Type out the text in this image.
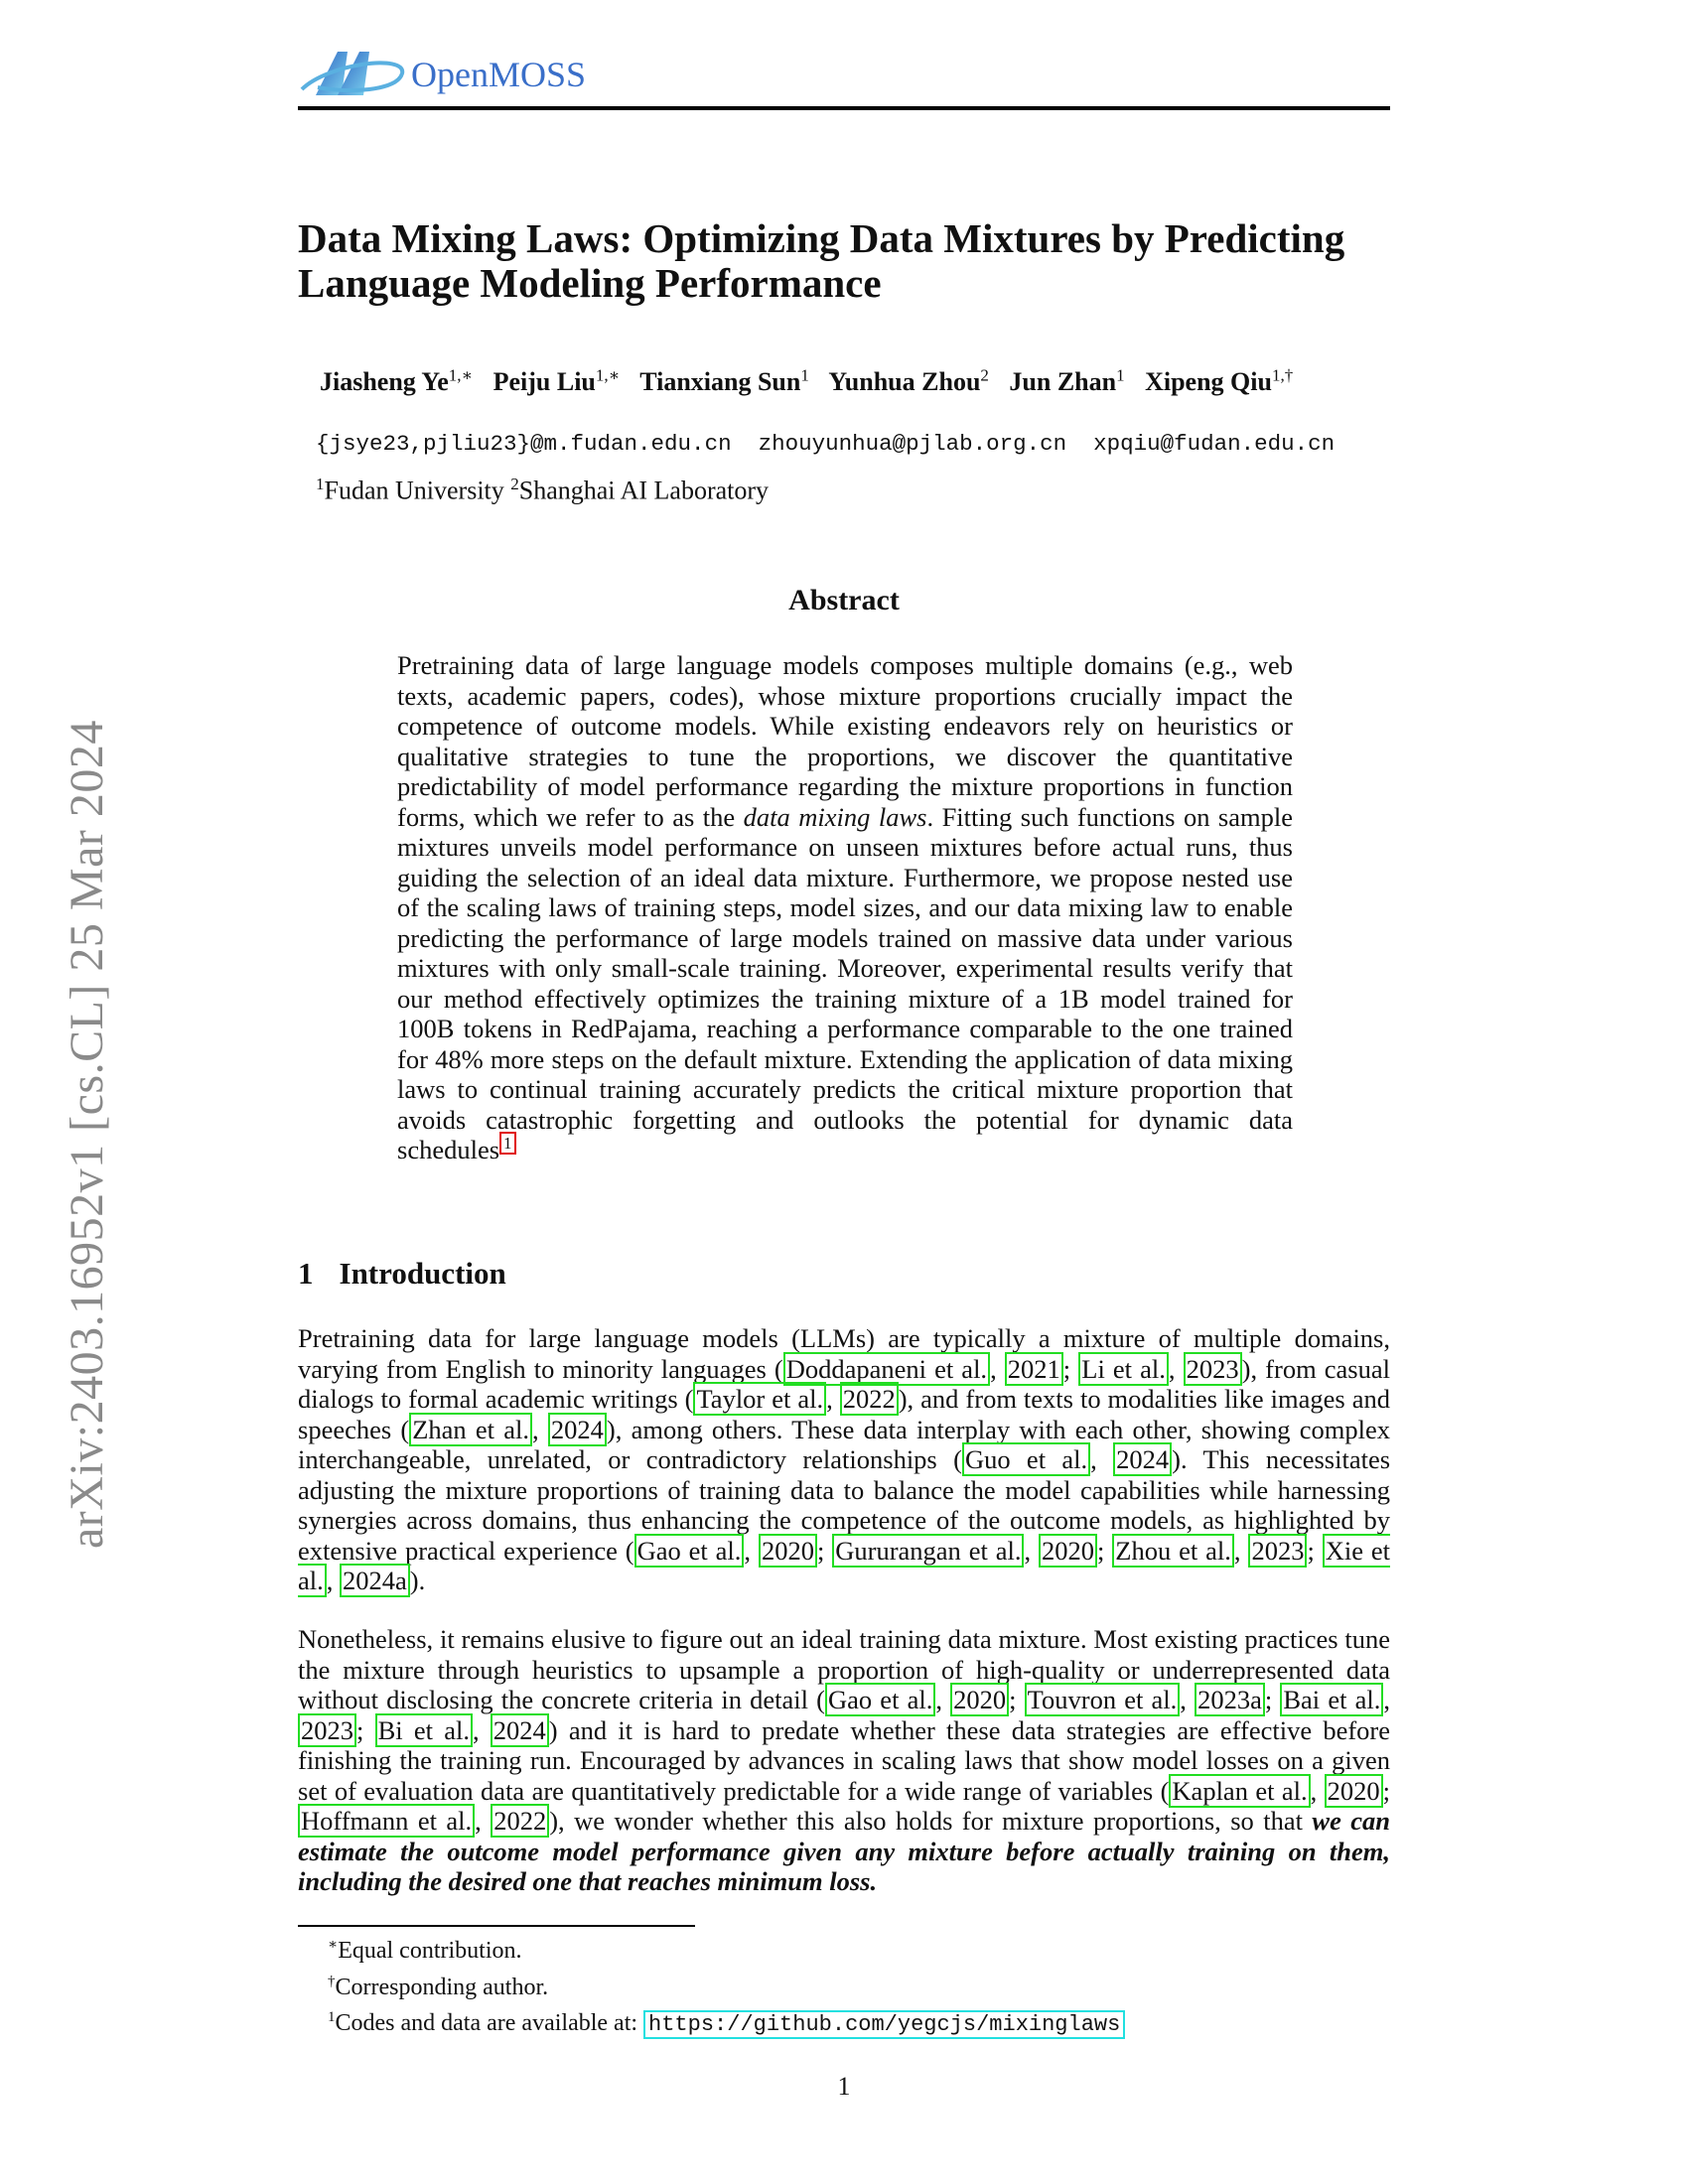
OpenMOSS
arXiv:2403.16952v1 [cs.CL] 25 Mar 2024
Data Mixing Laws: Optimizing Data Mixtures by Predicting
Language Modeling Performance
Jiasheng $Ye^{1,∗}$ Peiju Liu$^{1,∗}$ Tianxiang Sun$^1$ Yunhua Zhou$^2$ Jun Zhan$^1$ Xipeng Qiu$^{1,\dagger}$
{jsye23,pjliu23}@m.fudan.edu.cn  zhouyunhua@pjlab.org.cn  xpqiu@fudan.edu.cn
$^1$Fudan University $^2$Shanghai AI Laboratory
Abstract
Pretraining data of large language models composes multiple domains (e.g., web texts, academic papers, codes), whose mixture proportions crucially impact the competence of outcome models. While existing endeavors rely on heuristics or qualitative strategies to tune the proportions, we discover the quantitative predictability of model performance regarding the mixture proportions in function forms, which we refer to as the data mixing laws. Fitting such functions on sample mixtures unveils model performance on unseen mixtures before actual runs, thus guiding the selection of an ideal data mixture. Furthermore, we propose nested use of the scaling laws of training steps, model sizes, and our data mixing law to enable predicting the performance of large models trained on massive data under various mixtures with only small-scale training. Moreover, experimental results verify that our method effectively optimizes the training mixture of a 1B model trained for 100B tokens in RedPajama, reaching a performance comparable to the one trained for 48% more steps on the default mixture. Extending the application of data mixing laws to continual training accurately predicts the critical mixture proportion that avoids catastrophic forgetting and outlooks the potential for dynamic data schedules $^1$
1 Introduction
Pretraining data for large language models (LLMs) are typically a mixture of multiple domains, varying from English to minority languages ( Doddapaneni et al. , 2021 ; Li et al. , 2023 ), from casual dialogs to formal academic writings ( Taylor et al. , 2022 ), and from texts to modalities like images and speeches ( Zhan et al. , 2024 ), among others. These data interplay with each other, showing complex interchangeable, unrelated, or contradictory relationships ( Guo et al. , 2024 ). This necessitates adjusting the mixture proportions of training data to balance the model capabilities while harnessing synergies across domains, thus enhancing the competence of the outcome models, as highlighted by extensive practical experience ( Gao et al. , 2020 ; Gururangan et al. , 2020 ; Zhou et al. , 2023 ; Xie et al. , 2024a ).
Nonetheless, it remains elusive to figure out an ideal training data mixture. Most existing practices tune the mixture through heuristics to upsample a proportion of high-quality or underrepresented data without disclosing the concrete criteria in detail ( Gao et al. , 2020 ; Touvron et al. , 2023a ; Bai et al. , 2023 ; Bi et al. , 2024 ) and it is hard to predate whether these data strategies are effective before finishing the training run. Encouraged by advances in scaling laws that show model losses on a given set of evaluation data are quantitatively predictable for a wide range of variables ( Kaplan et al. , 2020 ; Hoffmann et al. , 2022 ), we wonder whether this also holds for mixture proportions, so that we can estimate the outcome model performance given any mixture before actually training on them, including the desired one that reaches minimum loss.
∗Equal contribution.
†Corresponding author.
$^1$Codes and data are available at: https://github.com/yegcjs/mixinglaws
1
